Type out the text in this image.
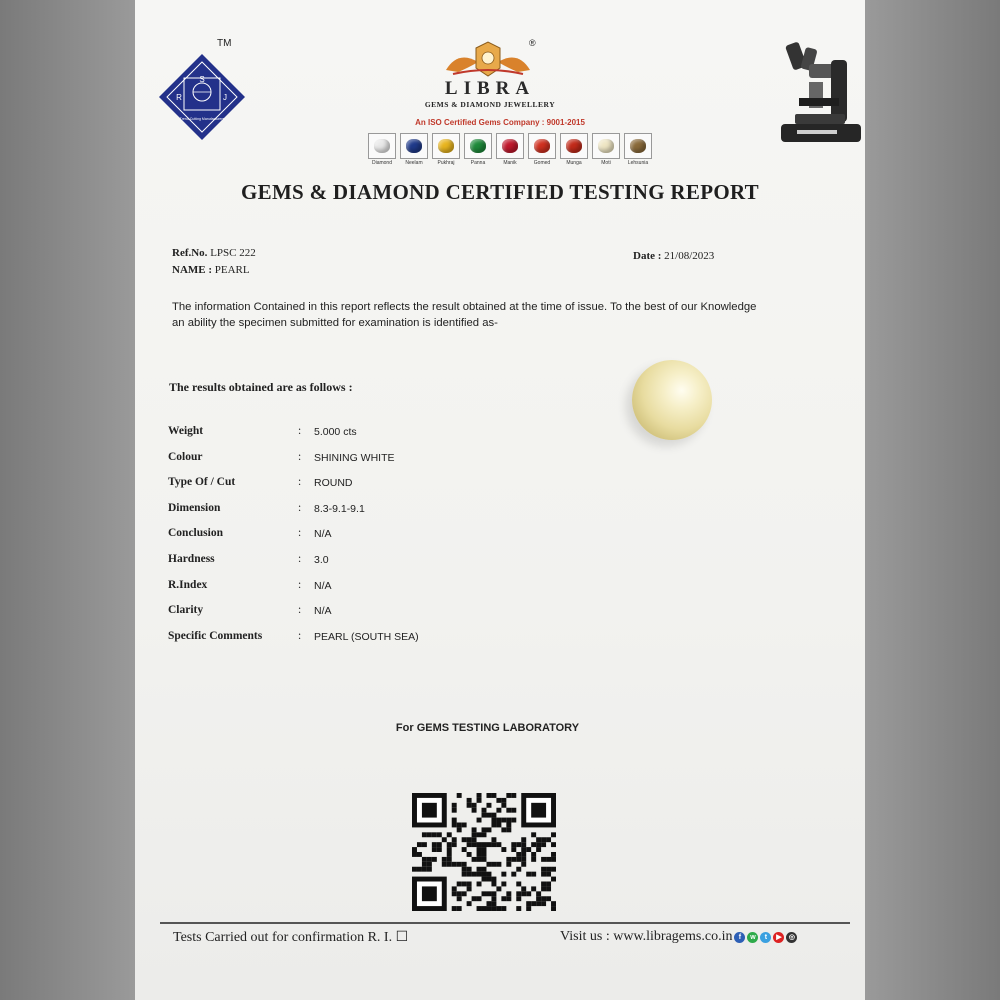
S
R	J
Trend-Cutting Manufacturers
TM	®
LIBRA
GEMS & DIAMOND JEWELLERY
An ISO Certified Gems Company : 9001-2015
Diamond	Neelam	Pukhraj	Panna	Manik	Gomed	Munga	Moti	Lehsunia
GEMS & DIAMOND CERTIFIED TESTING REPORT
Ref.No. LPSC 222
NAME : PEARL
Date : 21/08/2023
The information Contained in this report reflects the result obtained at the time of issue. To the best of our Knowledge an ability the specimen submitted for examination is identified as-
The results obtained are as follows :
Weight	: 5.000 cts
Colour	: SHINING WHITE
Type Of / Cut	: ROUND
Dimension	: 8.3-9.1-9.1
Conclusion	: N/A
Hardness	: 3.0
R.Index	: N/A
Clarity	: N/A
Specific Comments	: PEARL (SOUTH SEA)
For GEMS TESTING LABORATORY
Tests Carried out for confirmation R. I. ☐	Visit us : www.libragems.co.in f	w	t	▶	◎
